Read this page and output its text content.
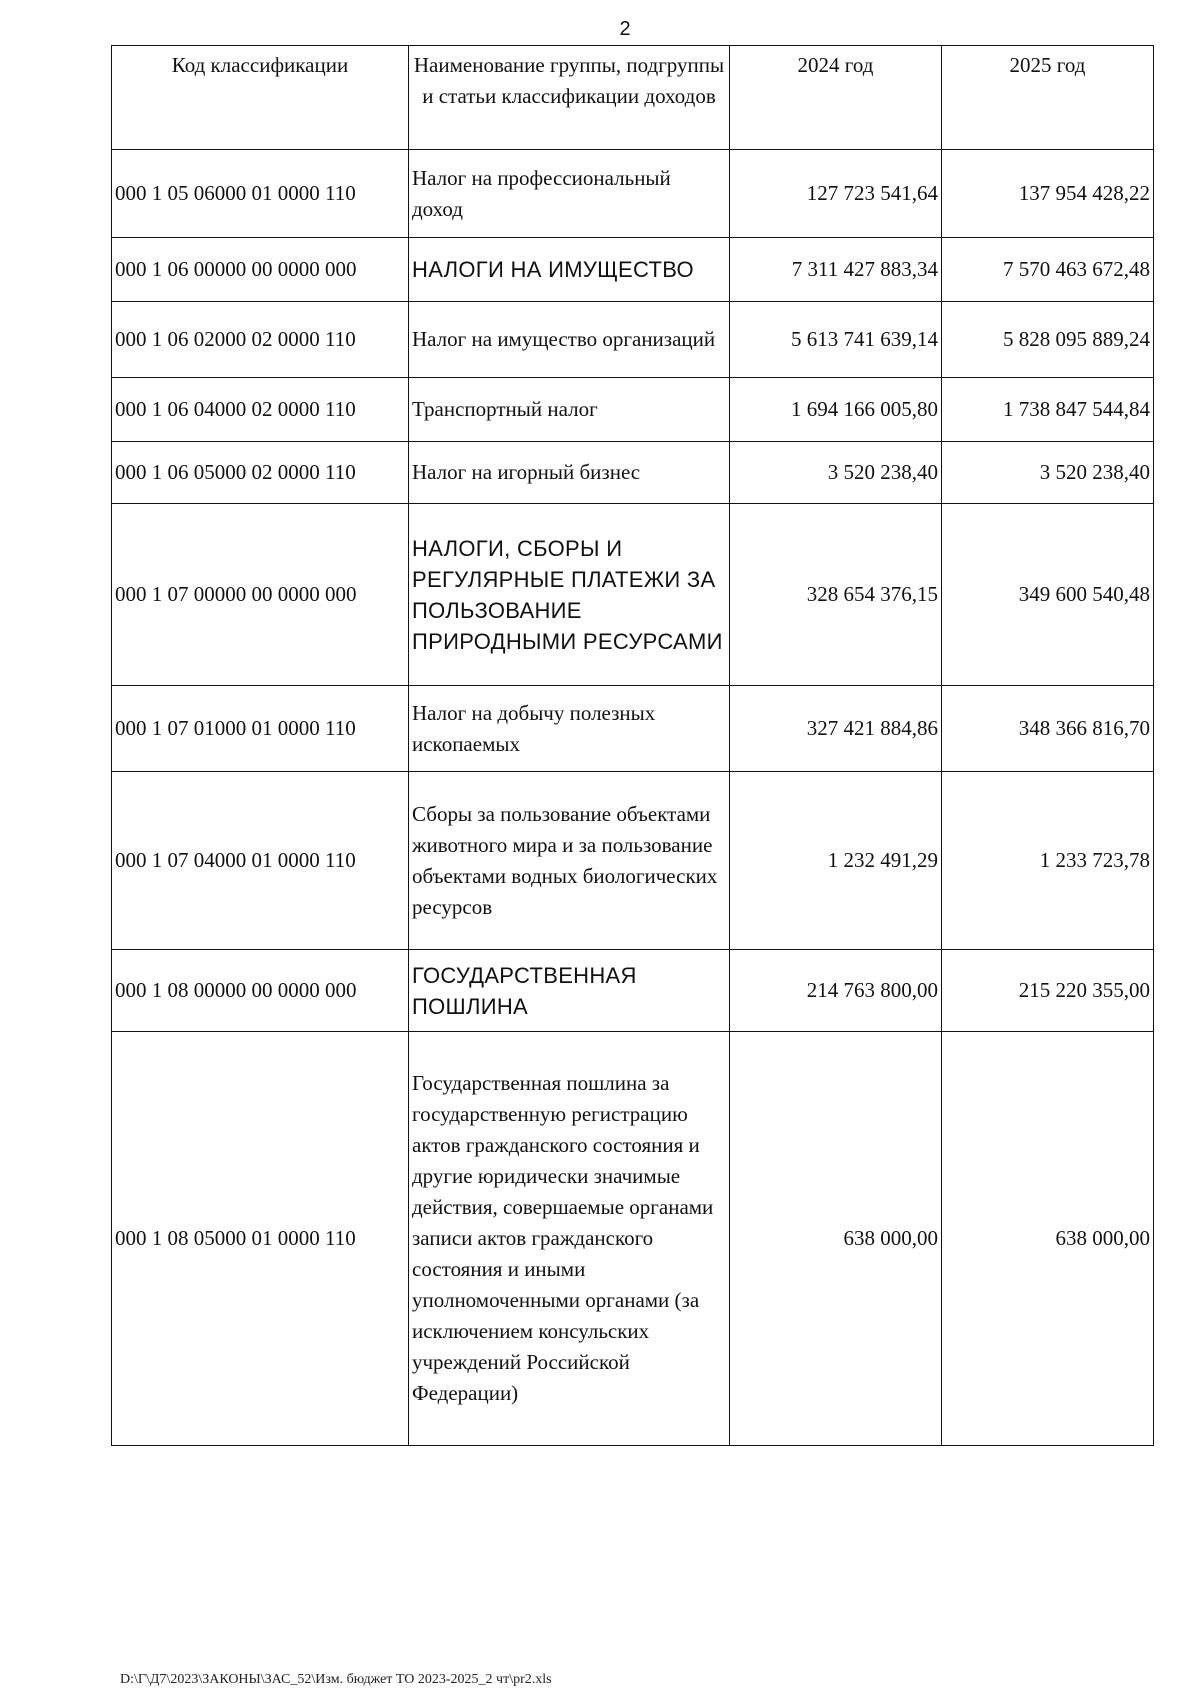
2
Код классификации	Наименование группы, подгруппы и статьи классификации доходов	2024 год	2025 год
000 1 05 06000 01 0000 110	Налог на профессиональный доход	127 723 541,64	137 954 428,22
000 1 06 00000 00 0000 000	НАЛОГИ НА ИМУЩЕСТВО	7 311 427 883,34	7 570 463 672,48
000 1 06 02000 02 0000 110	Налог на имущество организаций	5 613 741 639,14	5 828 095 889,24
000 1 06 04000 02 0000 110	Транспортный налог	1 694 166 005,80	1 738 847 544,84
000 1 06 05000 02 0000 110	Налог на игорный бизнес	3 520 238,40	3 520 238,40
000 1 07 00000 00 0000 000	НАЛОГИ, СБОРЫ И РЕГУЛЯРНЫЕ ПЛАТЕЖИ ЗА ПОЛЬЗОВАНИЕ ПРИРОДНЫМИ РЕСУРСАМИ	328 654 376,15	349 600 540,48
000 1 07 01000 01 0000 110	Налог на добычу полезных ископаемых	327 421 884,86	348 366 816,70
000 1 07 04000 01 0000 110	Сборы за пользование объектами животного мира и за пользование объектами водных биологических ресурсов	1 232 491,29	1 233 723,78
000 1 08 00000 00 0000 000	ГОСУДАРСТВЕННАЯ ПОШЛИНА	214 763 800,00	215 220 355,00
000 1 08 05000 01 0000 110	Государственная пошлина за государственную регистрацию актов гражданского состояния и другие юридически значимые действия, совершаемые органами записи актов гражданского состояния и иными уполномоченными органами (за исключением консульских учреждений Российской Федерации)	638 000,00	638 000,00
D:\Г\Д7\2023\ЗАКОНЫ\ЗАС_52\Изм. бюджет ТО 2023-2025_2 чт\pr2.xls
